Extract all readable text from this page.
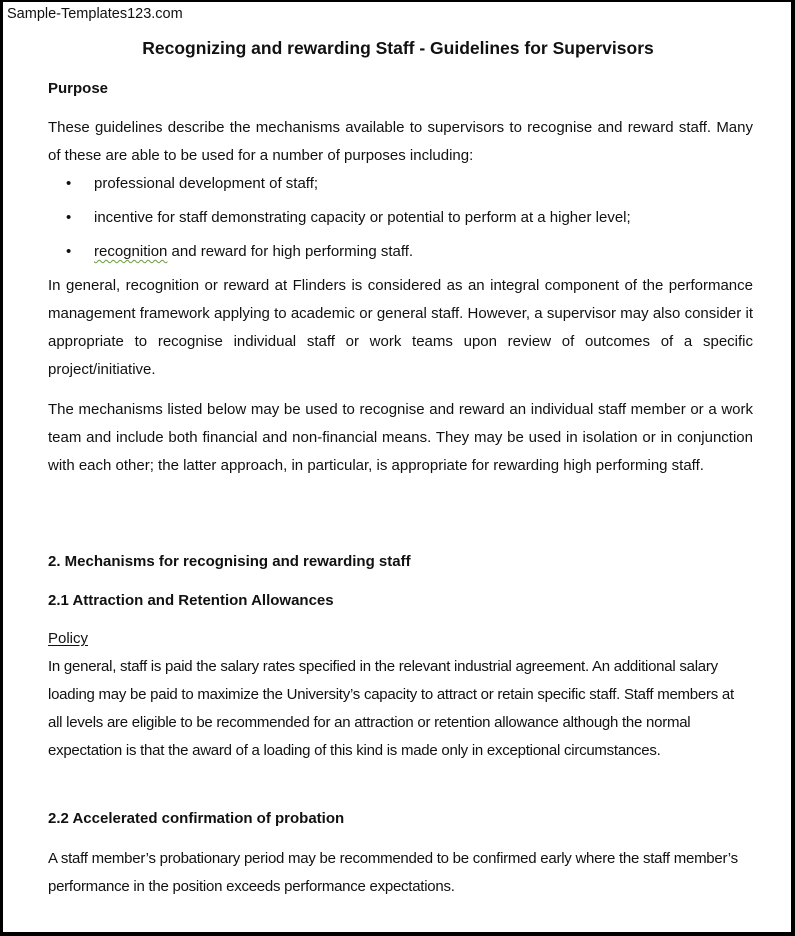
Sample-Templates123.com
Recognizing and rewarding Staff - Guidelines for Supervisors
Purpose
These guidelines describe the mechanisms available to supervisors to recognise and reward staff. Many of these are able to be used for a number of purposes including:
• professional development of staff;
• incentive for staff demonstrating capacity or potential to perform at a higher level;
• recognition and reward for high performing staff.
In general, recognition or reward at Flinders is considered as an integral component of the performance management framework applying to academic or general staff. However, a supervisor may also consider it appropriate to recognise individual staff or work teams upon review of outcomes of a specific project/initiative.
The mechanisms listed below may be used to recognise and reward an individual staff member or a work team and include both financial and non-financial means. They may be used in isolation or in conjunction with each other; the latter approach, in particular, is appropriate for rewarding high performing staff.
2. Mechanisms for recognising and rewarding staff
2.1 Attraction and Retention Allowances
Policy
In general, staff is paid the salary rates specified in the relevant industrial agreement. An additional salary loading may be paid to maximize the University’s capacity to attract or retain specific staff. Staff members at all levels are eligible to be recommended for an attraction or retention allowance although the normal expectation is that the award of a loading of this kind is made only in exceptional circumstances.
2.2 Accelerated confirmation of probation
A staff member’s probationary period may be recommended to be confirmed early where the staff member’s performance in the position exceeds performance expectations.
